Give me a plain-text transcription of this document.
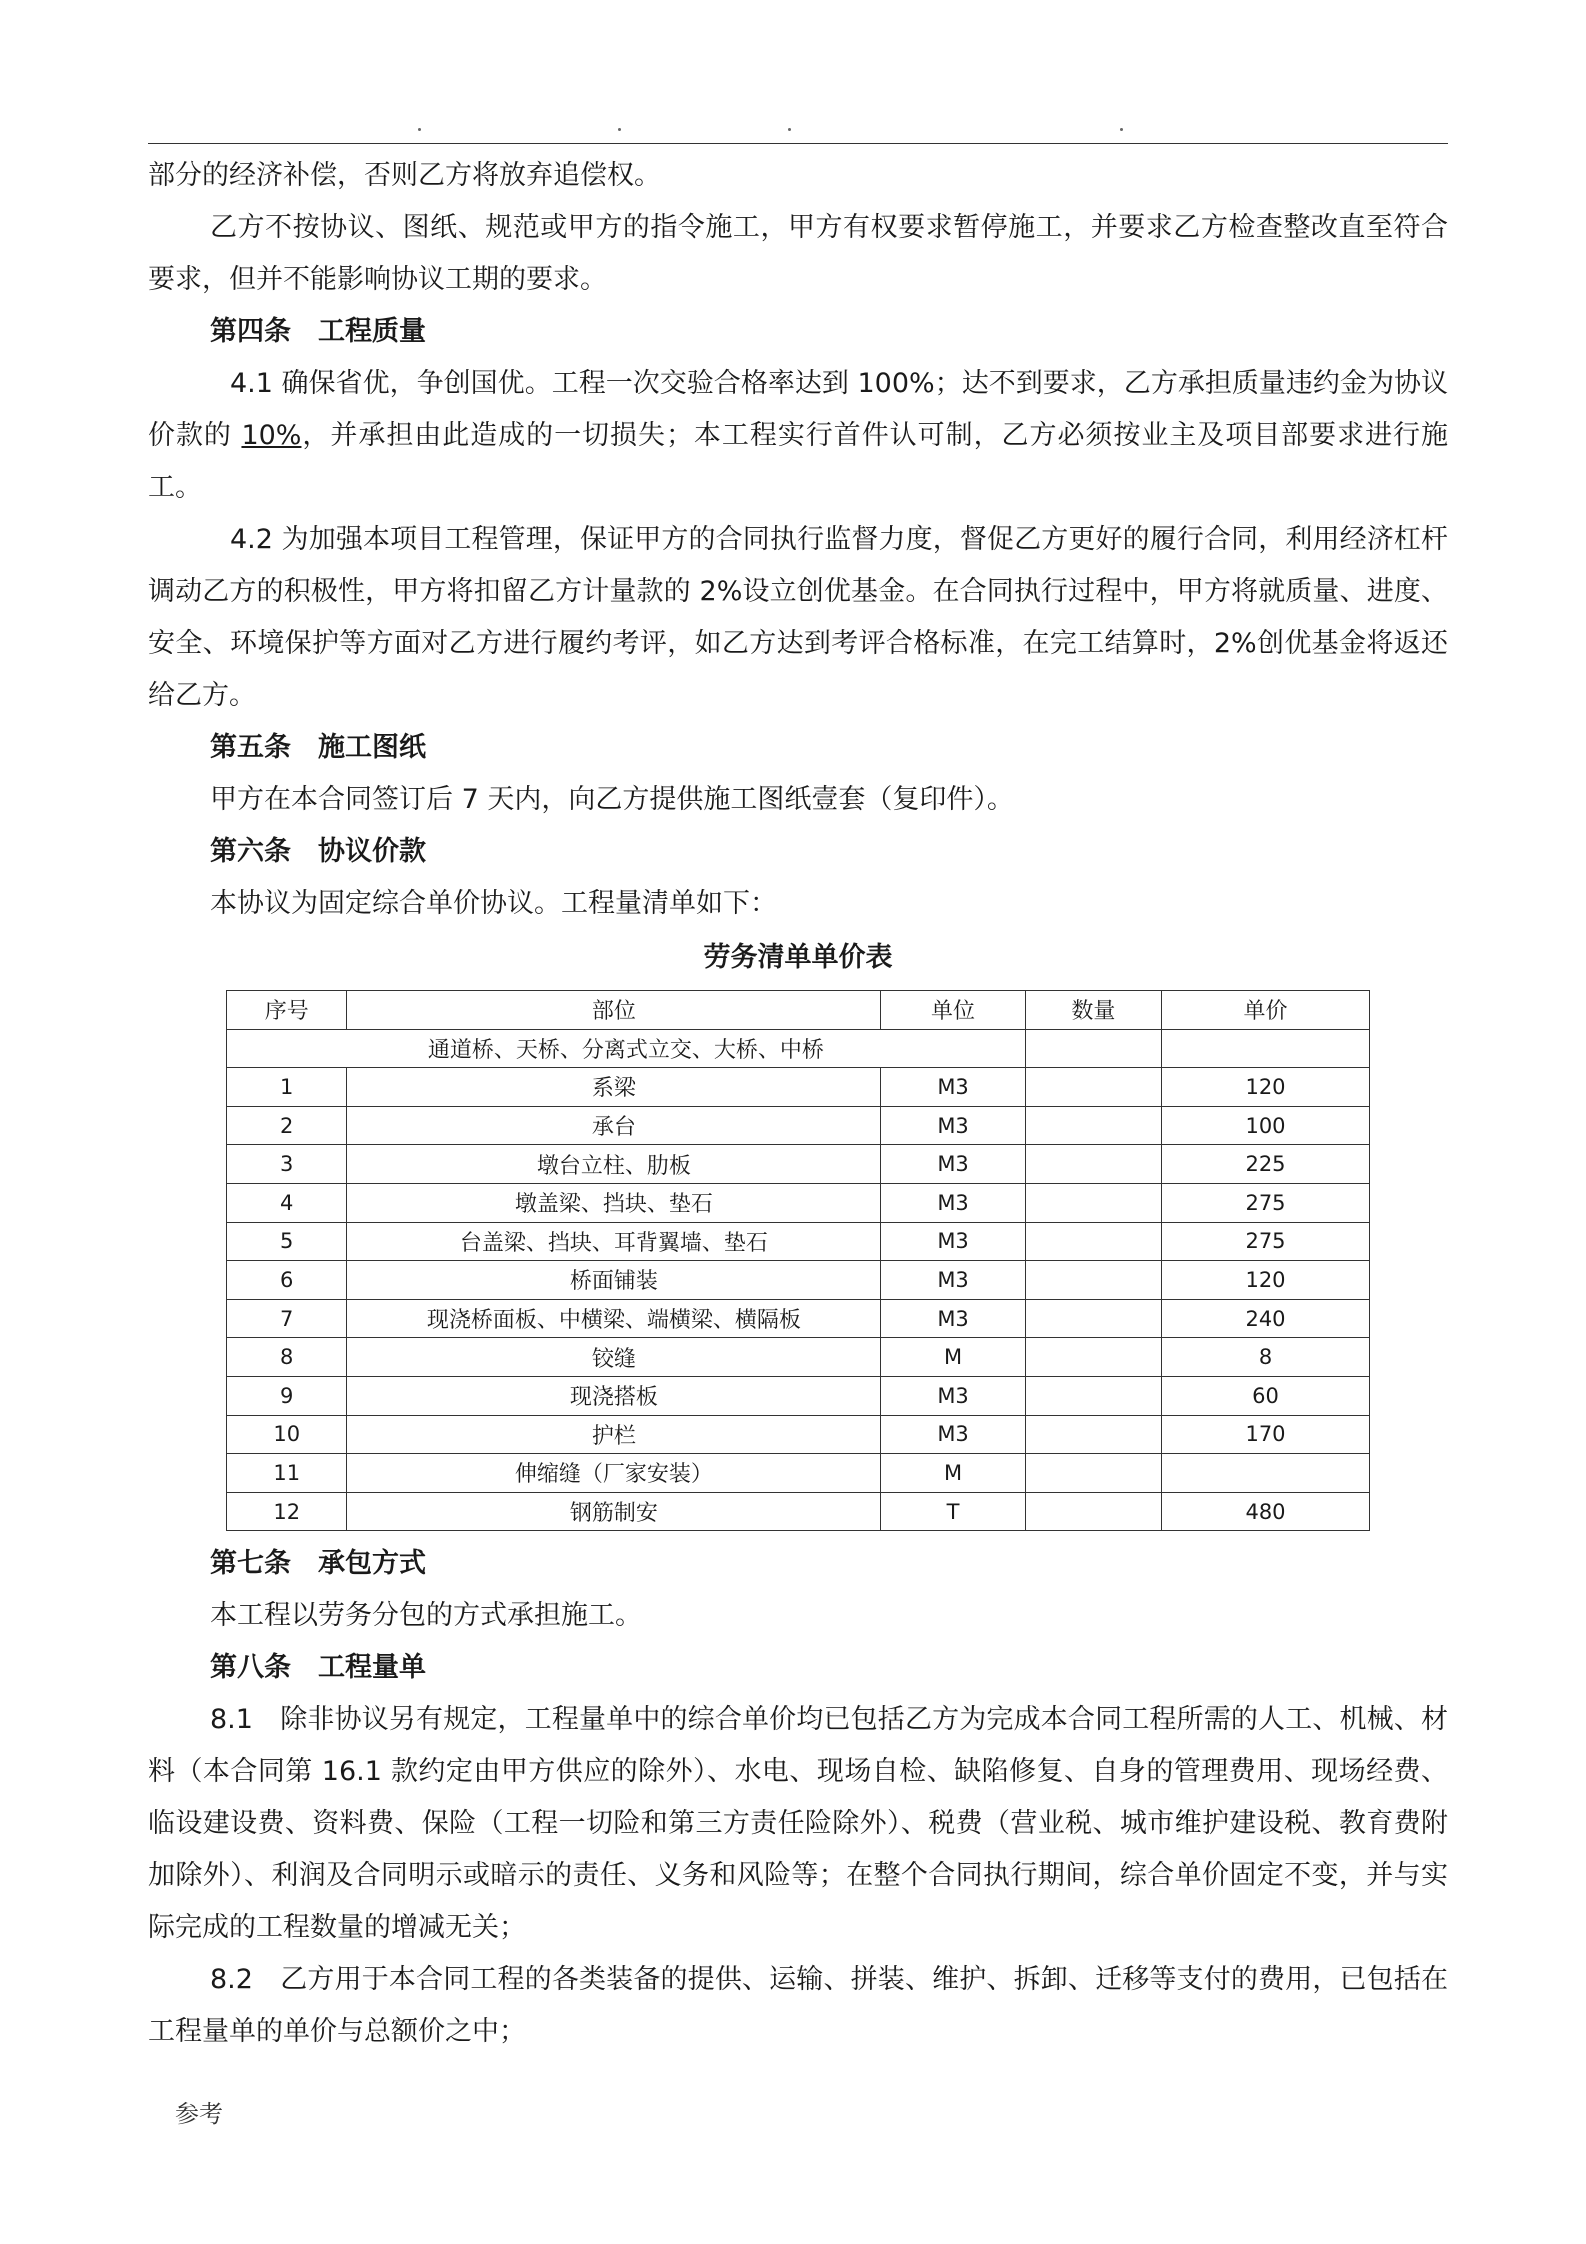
部分的经济补偿，否则乙方将放弃追偿权。

乙方不按协议、图纸、规范或甲方的指令施工，甲方有权要求暂停施工，并要求乙方检查整改直至符合要求，但并不能影响协议工期的要求。

第四条　工程质量

4.1 确保省优，争创国优。工程一次交验合格率达到 100%；达不到要求，乙方承担质量违约金为协议价款的 10%，并承担由此造成的一切损失；本工程实行首件认可制，乙方必须按业主及项目部要求进行施工。

4.2 为加强本项目工程管理，保证甲方的合同执行监督力度，督促乙方更好的履行合同，利用经济杠杆调动乙方的积极性，甲方将扣留乙方计量款的 2%设立创优基金。在合同执行过程中，甲方将就质量、进度、安全、环境保护等方面对乙方进行履约考评，如乙方达到考评合格标准，在完工结算时，2%创优基金将返还给乙方。

第五条　施工图纸

甲方在本合同签订后 7 天内，向乙方提供施工图纸壹套（复印件）。

第六条　协议价款

本协议为固定综合单价协议。工程量清单如下：

劳务清单单价表

序号	部位	单位	数量	单价
通道桥、天桥、分离式立交、大桥、中桥				
1	系梁	M3		120
2	承台	M3		100
3	墩台立柱、肋板	M3		225
4	墩盖梁、挡块、垫石	M3		275
5	台盖梁、挡块、耳背翼墙、垫石	M3		275
6	桥面铺装	M3		120
7	现浇桥面板、中横梁、端横梁、横隔板	M3		240
8	铰缝	M		8
9	现浇搭板	M3		60
10	护栏	M3		170
11	伸缩缝（厂家安装）	M		
12	钢筋制安	T		480

第七条　承包方式

本工程以劳务分包的方式承担施工。

第八条　工程量单

8.1　除非协议另有规定，工程量单中的综合单价均已包括乙方为完成本合同工程所需的人工、机械、材料（本合同第 16.1 款约定由甲方供应的除外）、水电、现场自检、缺陷修复、自身的管理费用、现场经费、临设建设费、资料费、保险（工程一切险和第三方责任险除外）、税费（营业税、城市维护建设税、教育费附加除外）、利润及合同明示或暗示的责任、义务和风险等；在整个合同执行期间，综合单价固定不变，并与实际完成的工程数量的增减无关；

8.2　乙方用于本合同工程的各类装备的提供、运输、拼装、维护、拆卸、迁移等支付的费用，已包括在工程量单的单价与总额价之中；

参考
